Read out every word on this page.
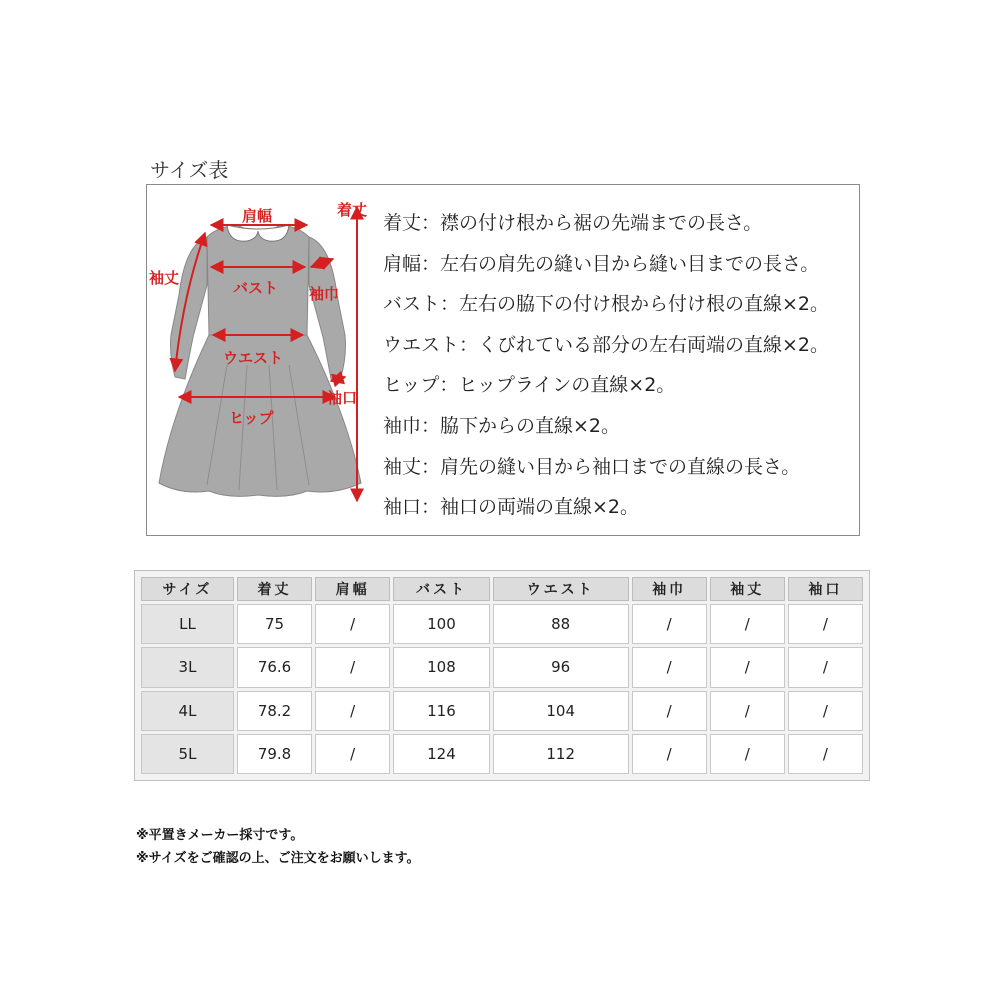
サイズ表
肩幅	着丈
袖丈
バスト 袖巾
ウエスト
袖口
ヒップ
着丈：襟の付け根から裾の先端までの長さ。
肩幅：左右の肩先の縫い目から縫い目までの長さ。
バスト：左右の脇下の付け根から付け根の直線×2。
ウエスト：くびれている部分の左右両端の直線×2。
ヒップ：ヒップラインの直線×2。
袖巾：脇下からの直線×2。
袖丈：肩先の縫い目から袖口までの直線の長さ。
袖口：袖口の両端の直線×2。
サイズ	着丈	肩幅	バスト	ウエスト	袖巾	袖丈	袖口
LL	75	/	100	88	/	/	/
3L	76.6	/	108	96	/	/	/
4L	78.2	/	116	104	/	/	/
5L	79.8	/	124	112	/	/	/
※平置きメーカー採寸です。
※サイズをご確認の上、ご注文をお願いします。
